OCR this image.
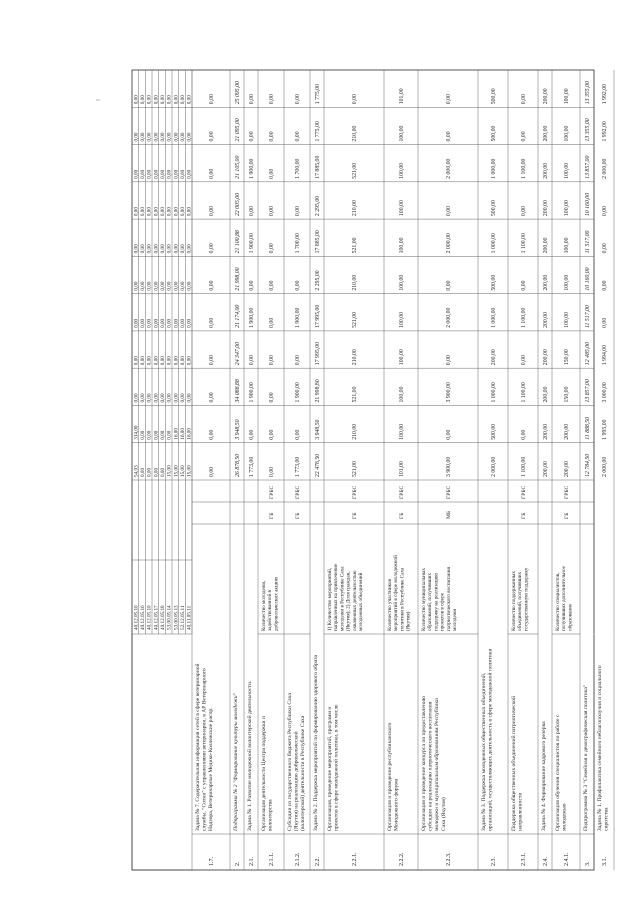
40.12.05.10 40.12.05.16 40.12.05.10 40.12.05.17 40.12.05.18 53.00.05.14 53.00.05.13 52.12.05.11 40.11.05.11
54,03
314,00
0,00
0,00
0,00
0,00
0,00
0,00
0,00
0,00
0,00
0,00
0,00
0,00
0,00
0,00
0,00
0,00
0,00
0,00
0,00
0,00
0,00
0,00
0,00
0,00
0,00
0,00
0,00
0,00
0,00
0,00
0,00
0,00
0,00
0,00
0,00
0,00
0,00
0,00
0,00
0,00
0,00
0,00
0,00
0,00
0,00
0,00
0,00
0,00
0,00
0,00
0,00
0,00
0,00
15,00
0,00
0,00
0,00
0,00
0,00
0,00
0,00
0,00
0,00
0,00
15,00
16,00
0,00
0,00
0,00
0,00
0,00
0,00
0,00
0,00
0,00
15,00
16,00
0,00
0,00
0,00
0,00
0,00
0,00
0,00
0,00
0,00
15,00
16,00
0,00
0,00
0,00
0,00
0,00
0,00
0,00
0,00
0,00
1.7.
Задача № 7. Содержательная информация сетей в сфере ветеринарной службы, "Сотни" с управлениями ветеринарии, в АР Ветеринарного Надзора, Ветеринарные Медико-Коллежские распр.
0,00
0,00
0,00
0,00
0,00
0,00
0,00
0,00
0,00
0,00
0,00
2.
Подпрограмма № 2 "Формирование культуры молодежи"
26 878,50
3 948,50
34 088,88
24 347,00
21 174,00
21 998,00
21 100,88
22 005,00
21 105,00
21 095,00
25 095,00
2.1.
Задача № 1. Развитие молодежной волонтерской деятельности.
1 773,00
0,00
1 900,00
0,00
1 900,00
0,00
1 900,00
0,00
1 900,00
0,00
0,00
2.1.1.
Организация деятельности Центра поддержки и волонтерства
Количество молодежи, задействованной в добровольческих акциях
ГБ
ГРБС
0,00
0,00
0,00
0,00
0,00
0,00
0,00
0,00
0,00
0,00
0,00
2.1.2.
Субсидии из государственного бюджета Республики Саха (Якутия) на реализацию добровольческой (волонтерской) деятельности в Республике Саха
ГБ
ГРБС
1 773,00
0,00
1 900,00
0,00
1 900,00
0,00
1 700,00
0,00
1 700,00
0,00
0,00
2.2.
Задача № 2. Поддержка мероприятий по формированию здорового образа
22 478,50
3 948,50
21 998,80
17 995,00
17 995,00
2 295,00
17 885,00
2 295,00
17 885,00
1 775,00
1 775,00
2.2.1.
Организация, проведение мероприятий, программ и проектов в сфере молодежной политики, в том числе
1) Количество мероприятий, направленных на привлечение молодежи в Республике Саха (Якутия); 2) Доля граждан, охваченных деятельностью молодежных объединений
ГБ
ГРБС
521,00
210,00
521,00
210,00
521,00
210,00
521,00
210,00
521,00
210,00
0,00
2.2.2.
Организация и проведение республиканского Молодежного форума
Количество участников мероприятий в сфере молодежной политики в Республике Саха (Якутия)
ГБ
ГРБС
101,00
100,00
100,00
100,00
100,00
100,00
100,00
100,00
100,00
100,00
101,00
2.2.3.
Организация и проведение конкурса по предоставлению субсидии на реализацию патриотического воспитания молодежи и муниципальным образованиям Республики Саха (Якутия)
Количество муниципальных образований, получивших поддержку на реализацию проектов в сфере патриотического воспитания молодежи
МБ
ГРБС
3 900,00
0,00
3 900,00
0,00
2 000,00
0,00
2 000,00
0,00
2 000,00
0,00
0,00
2.3.
Задача № 3. Поддержка молодежных общественных объединений, организаций, осуществляющих деятельность в сфере молодежной политики
2 000,00
500,00
1 000,00
200,00
1 000,00
500,00
1 000,00
500,00
1 000,00
500,00
500,00
2.3.1.
Поддержка общественных объединений патриотической направленности
Количество поддержанных объединений, получивших государственную поддержку
ГБ
ГРБС
1 100,00
0,00
1 100,00
0,00
1 100,00
0,00
1 100,00
0,00
1 100,00
0,00
0,00
2.4.
Задача № 4. Формирование кадрового резерва
200,00
200,00
200,00
200,00
200,00
200,00
200,00
200,00
200,00
200,00
200,00
2.4.1.
Организация обучения специалистов по работе с молодежью
Количество специалистов, получивших дополнительное образование
ГБ
ГРБС
200,00
200,00
150,00
150,00
100,00
100,00
100,00
100,00
100,00
100,00
100,00
3.
Подпрограмма № 3 "Семейная и демографическая политика"
12 784,50
11 888,50
13 857,00
12 485,00
11 517,00
10 160,00
11 517,00
10 160,00
13 857,00
13 355,00
13 355,00
3.1.
Задача № 1. Профилактика семейного неблагополучия и социального сиротства
2 000,00
1 995,00
3 000,00
1 994,00
0,00
0,00
0,00
0,00
2 000,00
1 992,00
1 992,00
